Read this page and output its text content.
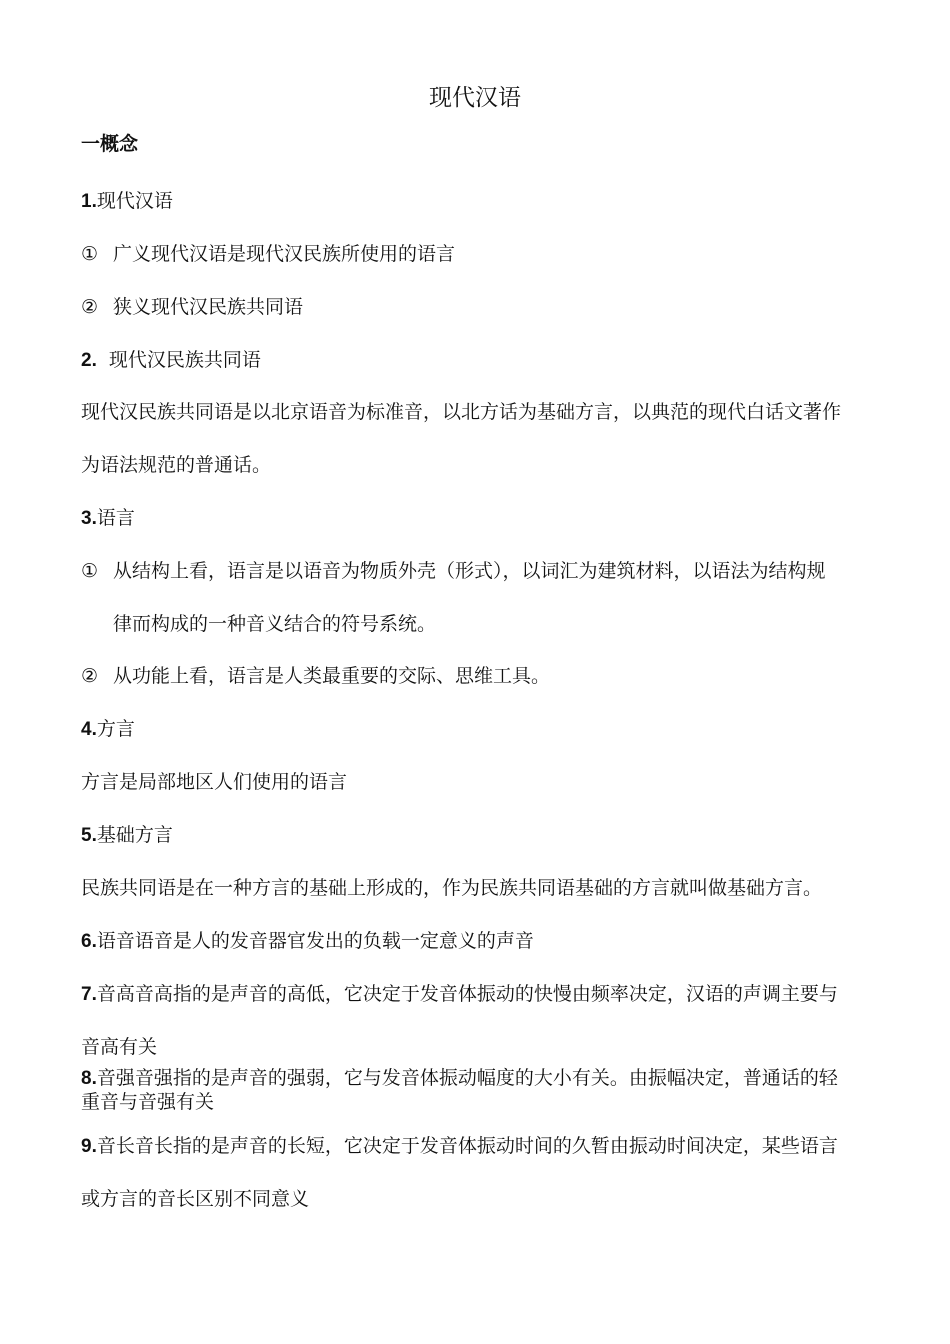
现代汉语
一概念
1.现代汉语
① 广义现代汉语是现代汉民族所使用的语言
② 狭义现代汉民族共同语
2. 现代汉民族共同语
现代汉民族共同语是以北京语音为标准音，以北方话为基础方言，以典范的现代白话文著作
为语法规范的普通话。
3.语言
① 从结构上看，语言是以语音为物质外壳（形式），以词汇为建筑材料，以语法为结构规
律而构成的一种音义结合的符号系统。
② 从功能上看，语言是人类最重要的交际、思维工具。
4.方言
方言是局部地区人们使用的语言
5.基础方言
民族共同语是在一种方言的基础上形成的，作为民族共同语基础的方言就叫做基础方言。
6.语音语音是人的发音器官发出的负载一定意义的声音
7.音高音高指的是声音的高低，它决定于发音体振动的快慢由频率决定，汉语的声调主要与
音高有关
8.音强音强指的是声音的强弱，它与发音体振动幅度的大小有关。由振幅决定，普通话的轻
重音与音强有关
9.音长音长指的是声音的长短，它决定于发音体振动时间的久暂由振动时间决定，某些语言
或方言的音长区别不同意义
